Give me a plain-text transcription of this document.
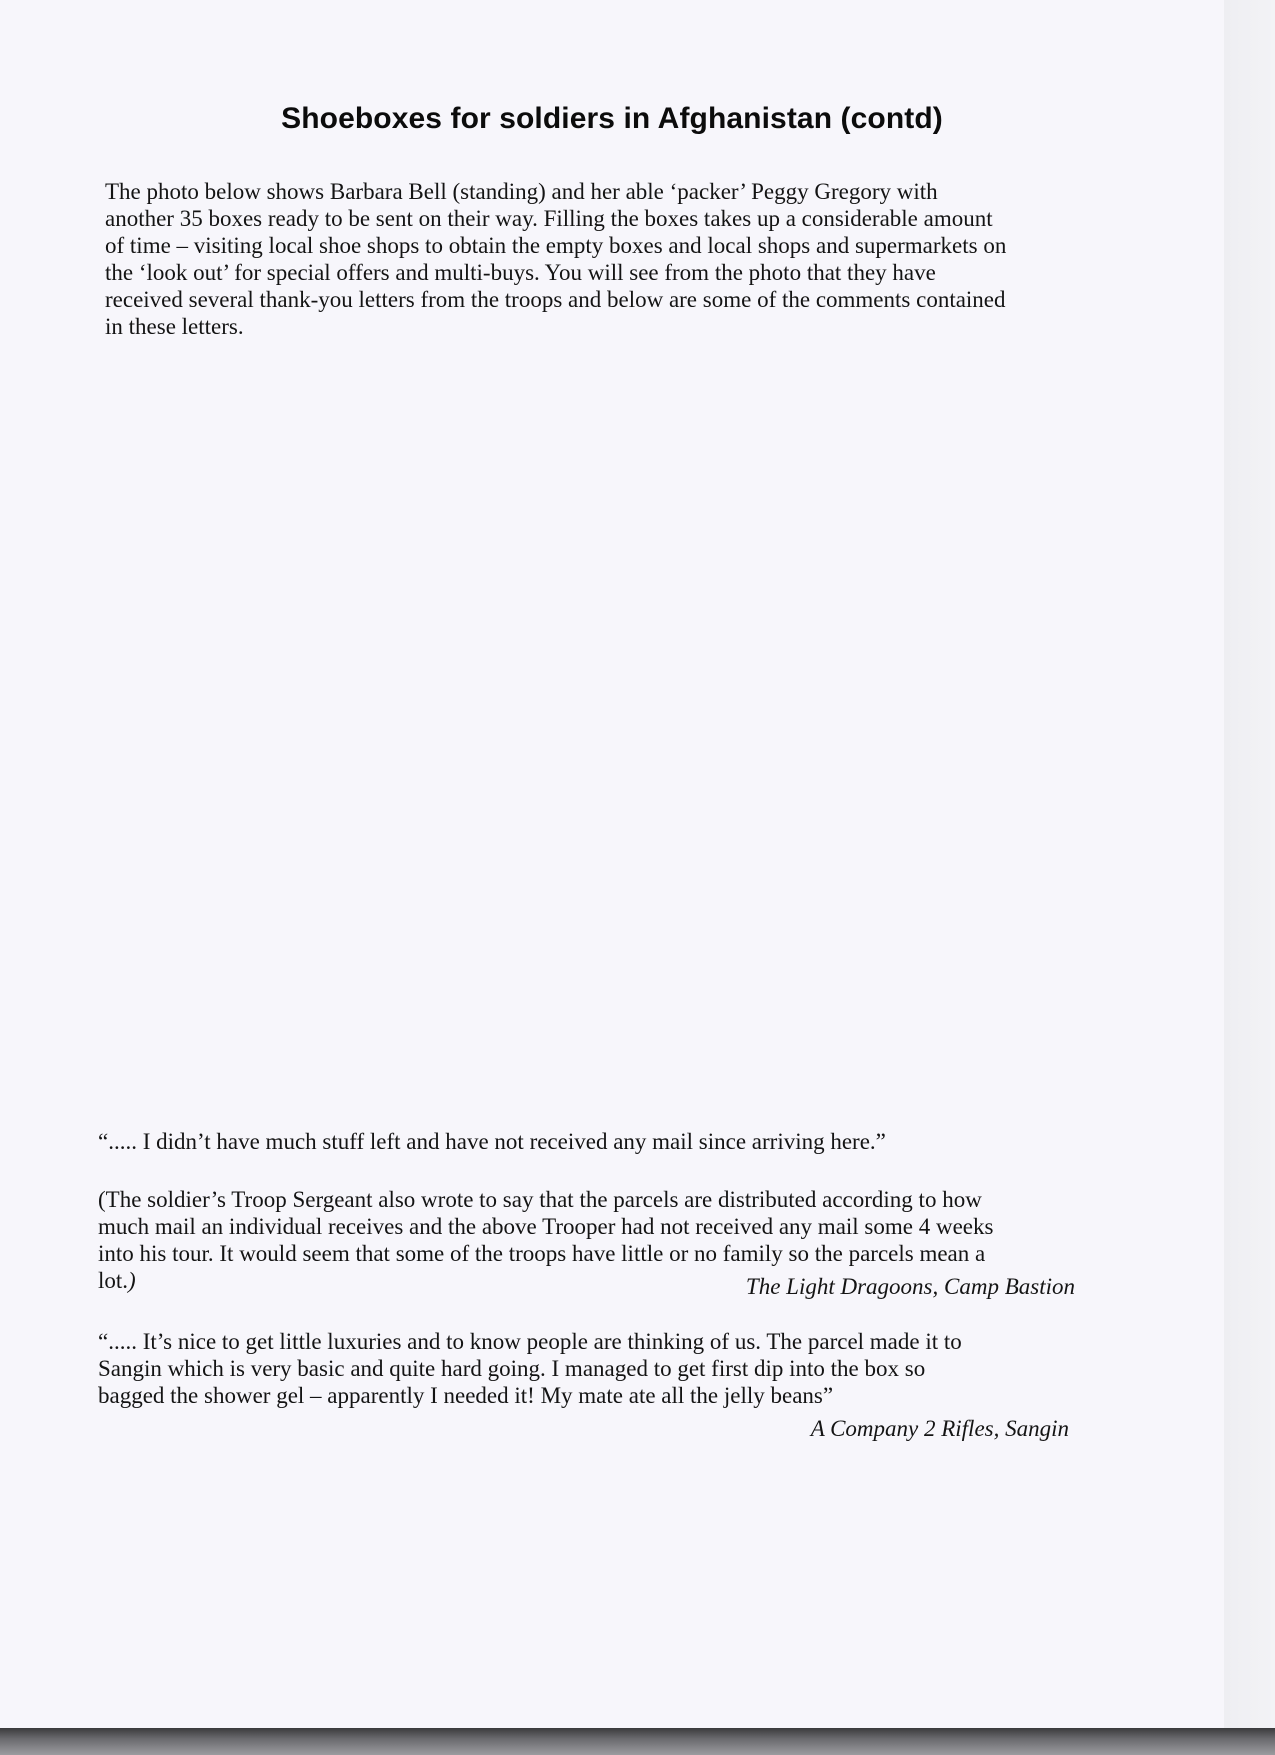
Shoeboxes for soldiers in Afghanistan (contd)
The photo below shows Barbara Bell (standing) and her able ‘packer’ Peggy Gregory with
another 35 boxes ready to be sent on their way. Filling the boxes takes up a considerable amount
of time – visiting local shoe shops to obtain the empty boxes and local shops and supermarkets on
the ‘look out’ for special offers and multi-buys. You will see from the photo that they have
received several thank-you letters from the troops and below are some of the comments contained
in these letters.
“..... I didn’t have much stuff left and have not received any mail since arriving here.”
(The soldier’s Troop Sergeant also wrote to say that the parcels are distributed according to how
much mail an individual receives and the above Trooper had not received any mail some 4 weeks
into his tour. It would seem that some of the troops have little or no family so the parcels mean a
lot.)	The Light Dragoons, Camp Bastion
“..... It’s nice to get little luxuries and to know people are thinking of us. The parcel made it to
Sangin which is very basic and quite hard going. I managed to get first dip into the box so
bagged the shower gel – apparently I needed it! My mate ate all the jelly beans”
A Company 2 Rifles, Sangin
